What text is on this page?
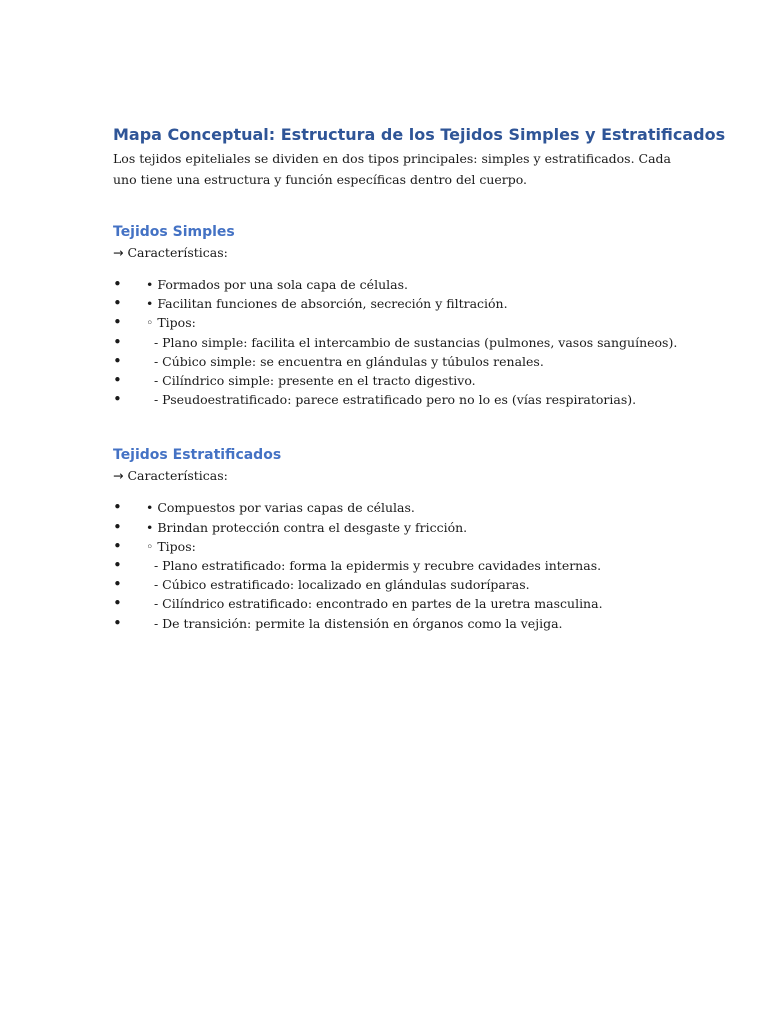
Mapa Conceptual: Estructura de los Tejidos Simples y Estratificados

Los tejidos epiteliales se dividen en dos tipos principales: simples y estratificados. Cada uno tiene una estructura y función específicas dentro del cuerpo.

Tejidos Simples

→ Características:

• • Formados por una sola capa de células.
• • Facilitan funciones de absorción, secreción y filtración.
• ◦ Tipos:
• - Plano simple: facilita el intercambio de sustancias (pulmones, vasos sanguíneos).
• - Cúbico simple: se encuentra en glándulas y túbulos renales.
• - Cilíndrico simple: presente en el tracto digestivo.
• - Pseudoestratificado: parece estratificado pero no lo es (vías respiratorias).
Tejidos Estratificados

→ Características:

• • Compuestos por varias capas de células.
• • Brindan protección contra el desgaste y fricción.
• ◦ Tipos:
• - Plano estratificado: forma la epidermis y recubre cavidades internas.
• - Cúbico estratificado: localizado en glándulas sudoríparas.
• - Cilíndrico estratificado: encontrado en partes de la uretra masculina.
• - De transición: permite la distensión en órganos como la vejiga.
